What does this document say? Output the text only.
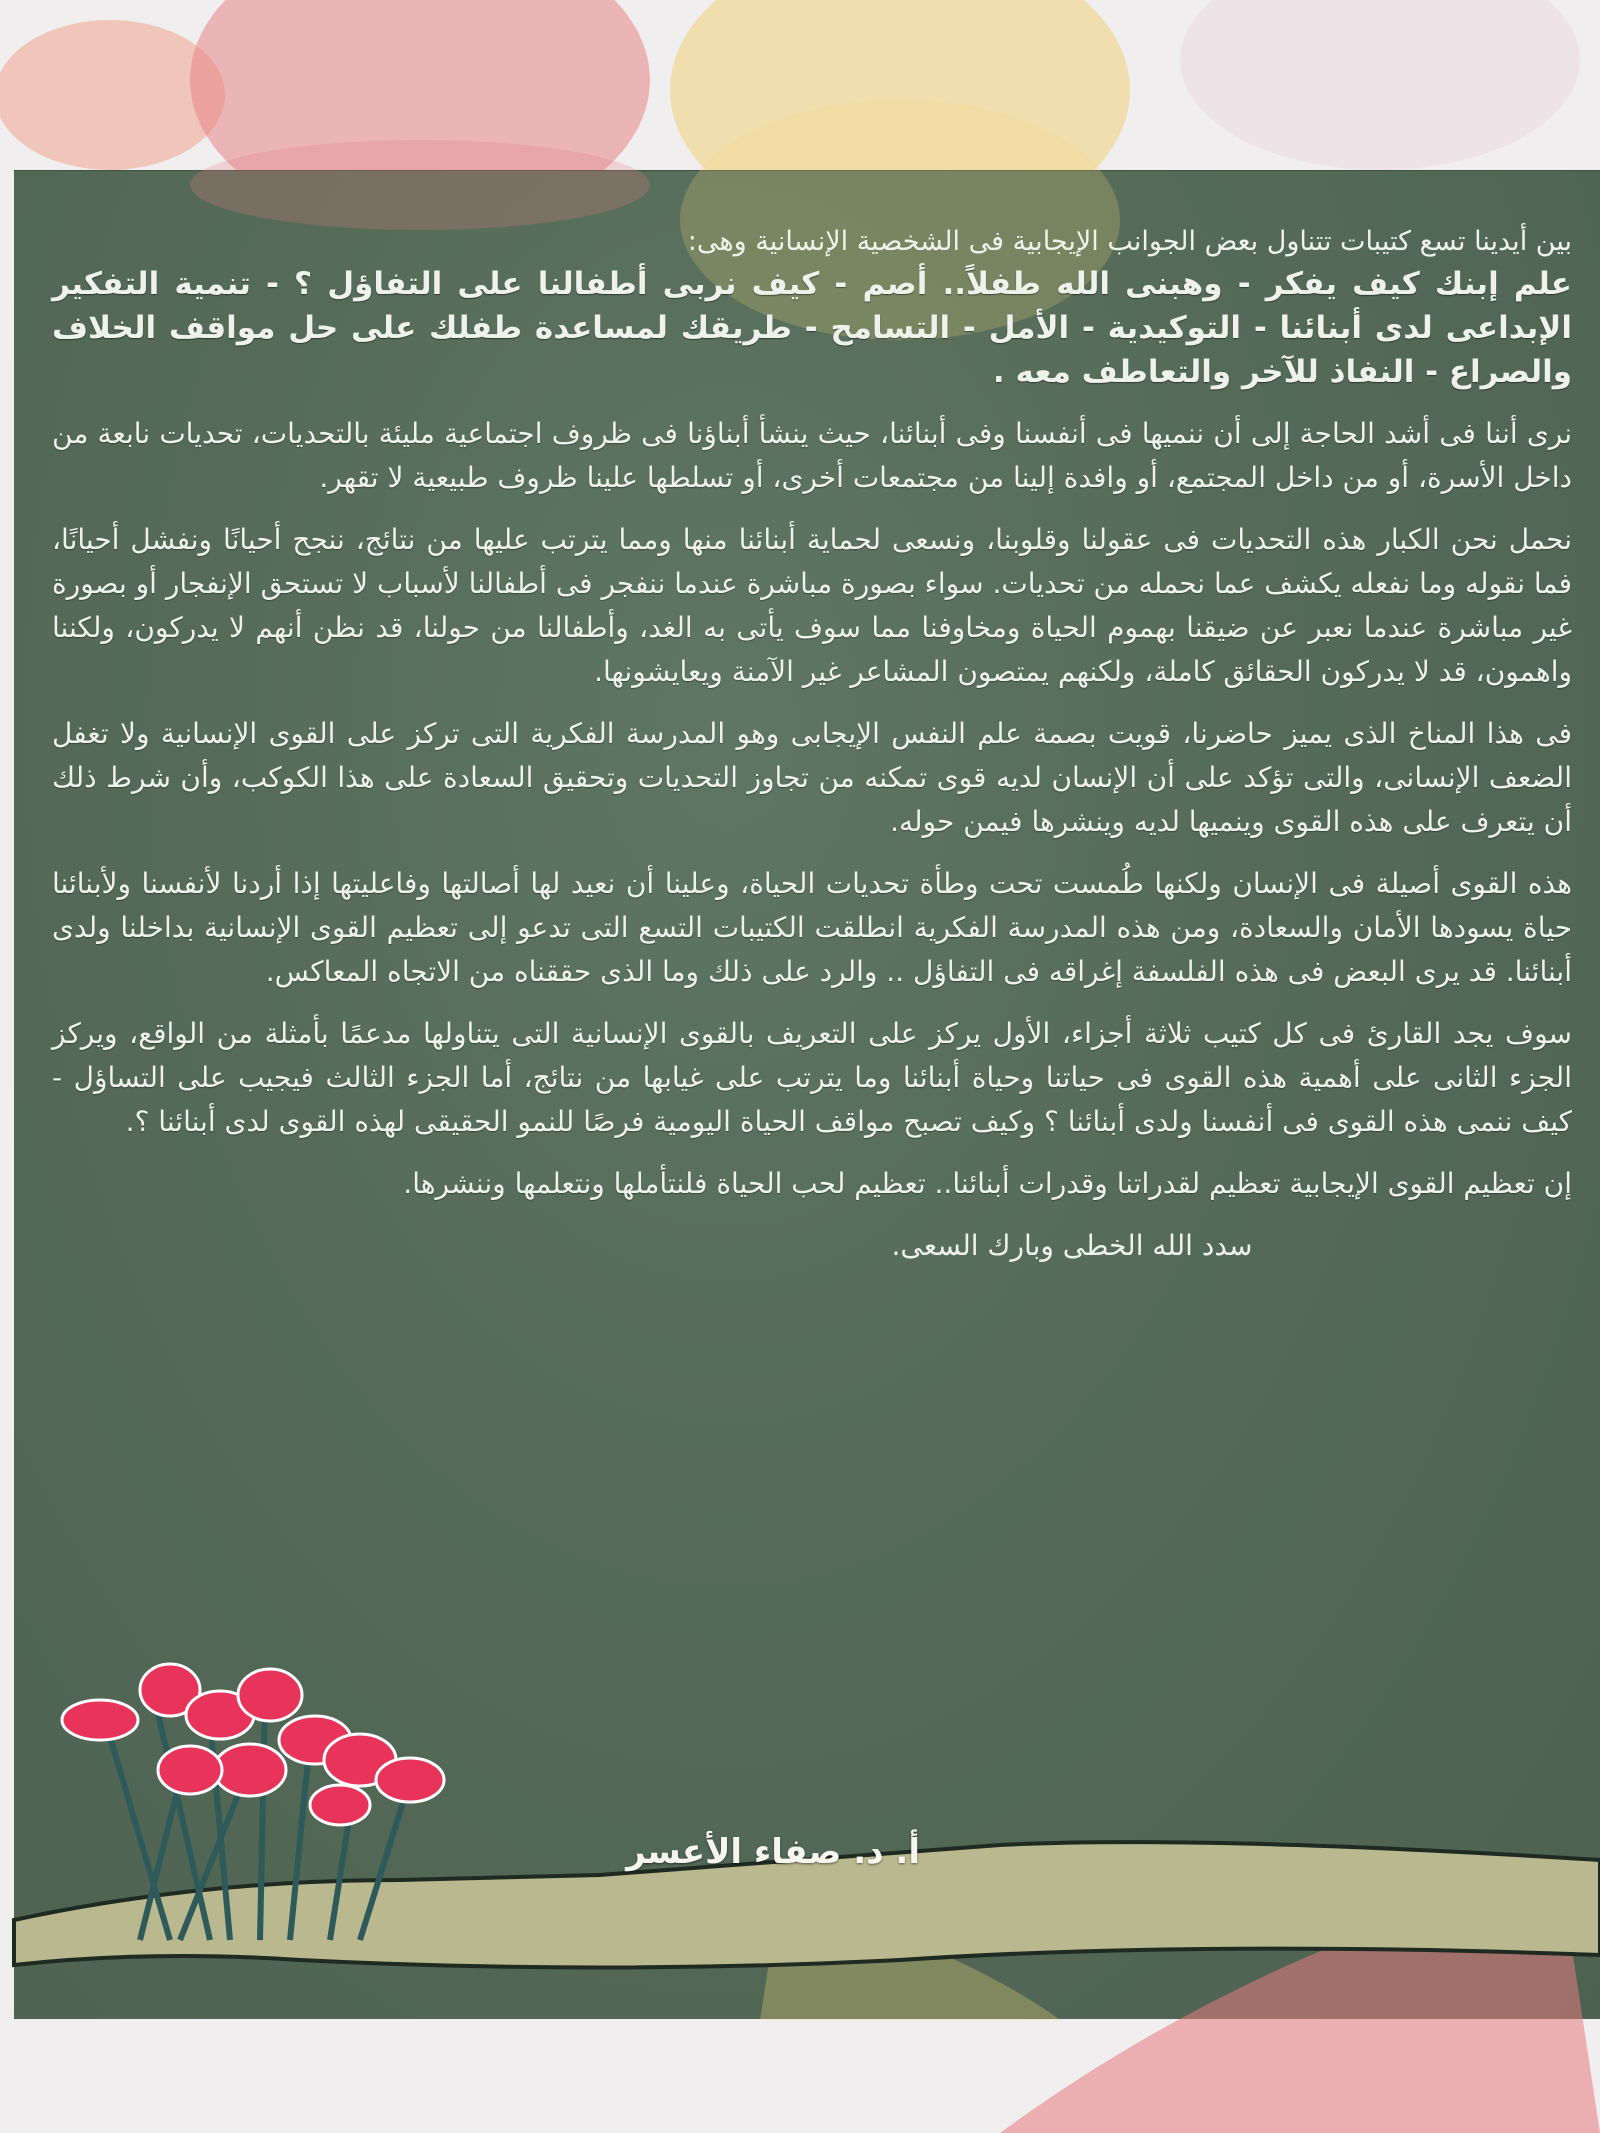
بين أيدينا تسع كتيبات تتناول بعض الجوانب الإيجابية فى الشخصية الإنسانية وهى:

علم إبنك كيف يفكر - وهبنى الله طفلاً.. أصم - كيف نربى أطفالنا على التفاؤل ؟ - تنمية التفكير الإبداعى لدى أبنائنا - التوكيدية - الأمل - التسامح - طريقك لمساعدة طفلك على حل مواقف الخلاف والصراع - النفاذ للآخر والتعاطف معه .

نرى أننا فى أشد الحاجة إلى أن ننميها فى أنفسنا وفى أبنائنا، حيث ينشأ أبناؤنا فى ظروف اجتماعية مليئة بالتحديات، تحديات نابعة من داخل الأسرة، أو من داخل المجتمع، أو وافدة إلينا من مجتمعات أخرى، أو تسلطها علينا ظروف طبيعية لا تقهر.

نحمل نحن الكبار هذه التحديات فى عقولنا وقلوبنا، ونسعى لحماية أبنائنا منها ومما يترتب عليها من نتائج، ننجح أحيانًا ونفشل أحيانًا، فما نقوله وما نفعله يكشف عما نحمله من تحديات. سواء بصورة مباشرة عندما ننفجر فى أطفالنا لأسباب لا تستحق الإنفجار أو بصورة غير مباشرة عندما نعبر عن ضيقنا بهموم الحياة ومخاوفنا مما سوف يأتى به الغد، وأطفالنا من حولنا، قد نظن أنهم لا يدركون، ولكننا واهمون، قد لا يدركون الحقائق كاملة، ولكنهم يمتصون المشاعر غير الآمنة ويعايشونها.

فى هذا المناخ الذى يميز حاضرنا، قويت بصمة علم النفس الإيجابى وهو المدرسة الفكرية التى تركز على القوى الإنسانية ولا تغفل الضعف الإنسانى، والتى تؤكد على أن الإنسان لديه قوى تمكنه من تجاوز التحديات وتحقيق السعادة على هذا الكوكب، وأن شرط ذلك أن يتعرف على هذه القوى وينميها لديه وينشرها فيمن حوله.

هذه القوى أصيلة فى الإنسان ولكنها طُمست تحت وطأة تحديات الحياة، وعلينا أن نعيد لها أصالتها وفاعليتها إذا أردنا لأنفسنا ولأبنائنا حياة يسودها الأمان والسعادة، ومن هذه المدرسة الفكرية انطلقت الكتيبات التسع التى تدعو إلى تعظيم القوى الإنسانية بداخلنا ولدى أبنائنا. قد يرى البعض فى هذه الفلسفة إغراقه فى التفاؤل .. والرد على ذلك وما الذى حققناه من الاتجاه المعاكس.

سوف يجد القارئ فى كل كتيب ثلاثة أجزاء، الأول يركز على التعريف بالقوى الإنسانية التى يتناولها مدعمًا بأمثلة من الواقع، ويركز الجزء الثانى على أهمية هذه القوى فى حياتنا وحياة أبنائنا وما يترتب على غيابها من نتائج، أما الجزء الثالث فيجيب على التساؤل - كيف ننمى هذه القوى فى أنفسنا ولدى أبنائنا ؟ وكيف تصبح مواقف الحياة اليومية فرصًا للنمو الحقيقى لهذه القوى لدى أبنائنا ؟.

إن تعظيم القوى الإيجابية تعظيم لقدراتنا وقدرات أبنائنا.. تعظيم لحب الحياة فلنتأملها ونتعلمها وننشرها.

سدد الله الخطى وبارك السعى.

أ. د. صفاء الأعسر
